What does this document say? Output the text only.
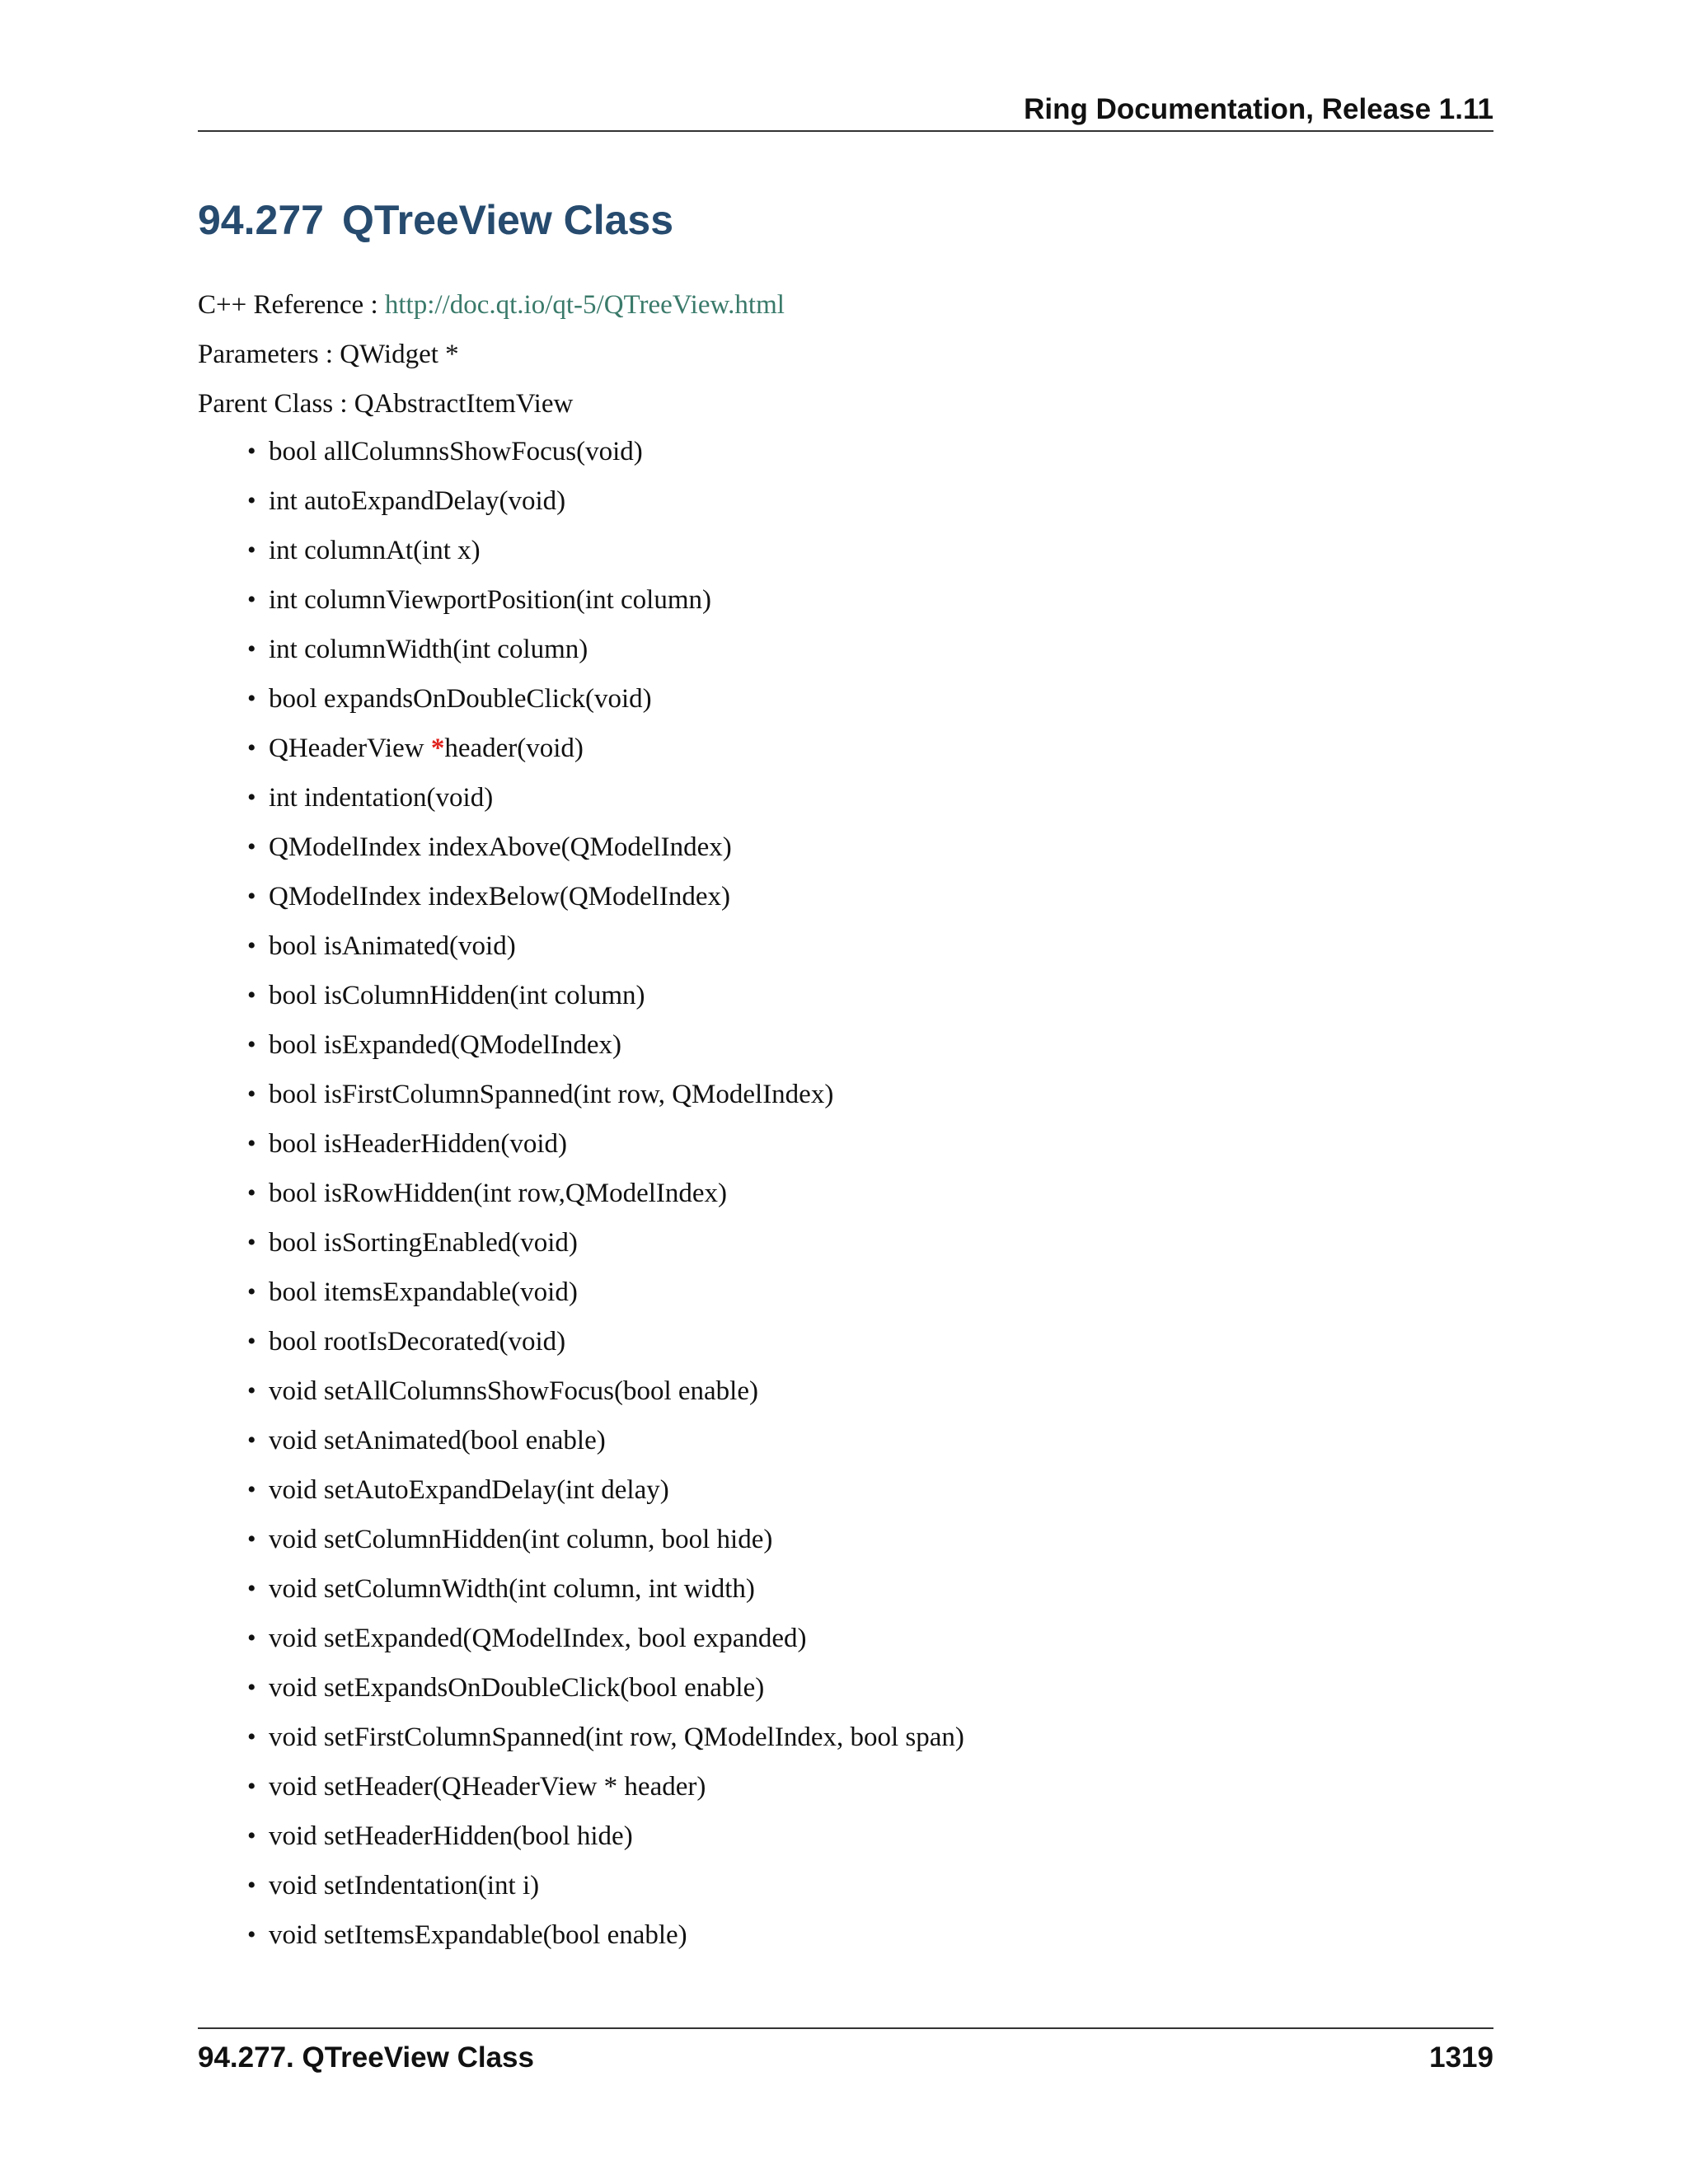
Ring Documentation, Release 1.11
94.277 QTreeView Class
C++ Reference : http://doc.qt.io/qt-5/QTreeView.html
Parameters : QWidget *
Parent Class : QAbstractItemView
• bool allColumnsShowFocus(void)
• int autoExpandDelay(void)
• int columnAt(int x)
• int columnViewportPosition(int column)
• int columnWidth(int column)
• bool expandsOnDoubleClick(void)
• QHeaderView *header(void)
• int indentation(void)
• QModelIndex indexAbove(QModelIndex)
• QModelIndex indexBelow(QModelIndex)
• bool isAnimated(void)
• bool isColumnHidden(int column)
• bool isExpanded(QModelIndex)
• bool isFirstColumnSpanned(int row, QModelIndex)
• bool isHeaderHidden(void)
• bool isRowHidden(int row,QModelIndex)
• bool isSortingEnabled(void)
• bool itemsExpandable(void)
• bool rootIsDecorated(void)
• void setAllColumnsShowFocus(bool enable)
• void setAnimated(bool enable)
• void setAutoExpandDelay(int delay)
• void setColumnHidden(int column, bool hide)
• void setColumnWidth(int column, int width)
• void setExpanded(QModelIndex, bool expanded)
• void setExpandsOnDoubleClick(bool enable)
• void setFirstColumnSpanned(int row, QModelIndex, bool span)
• void setHeader(QHeaderView * header)
• void setHeaderHidden(bool hide)
• void setIndentation(int i)
• void setItemsExpandable(bool enable)
94.277. QTreeView Class	1319
